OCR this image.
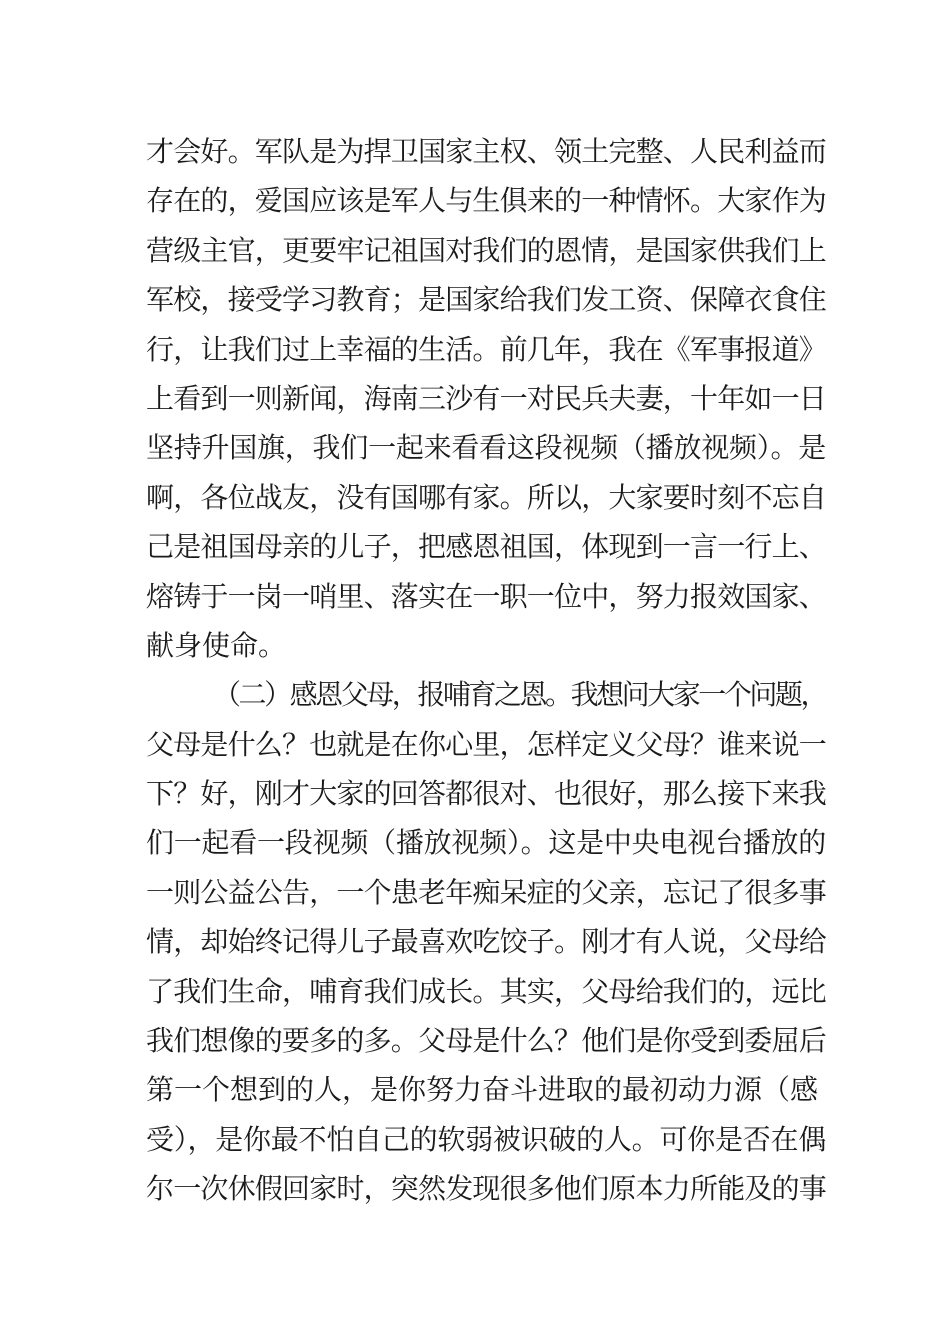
才会好。军队是为捍卫国家主权、领土完整、人民利益而
存在的，爱国应该是军人与生俱来的一种情怀。大家作为
营级主官，更要牢记祖国对我们的恩情，是国家供我们上
军校，接受学习教育；是国家给我们发工资、保障衣食住
行，让我们过上幸福的生活。前几年，我在《军事报道》
上看到一则新闻，海南三沙有一对民兵夫妻，十年如一日
坚持升国旗，我们一起来看看这段视频（播放视频）。是
啊，各位战友，没有国哪有家。所以，大家要时刻不忘自
己是祖国母亲的儿子，把感恩祖国，体现到一言一行上、
熔铸于一岗一哨里、落实在一职一位中，努力报效国家、
献身使命。
（二）感恩父母，报哺育之恩。我想问大家一个问题，
父母是什么？也就是在你心里，怎样定义父母？谁来说一
下？好，刚才大家的回答都很对、也很好，那么接下来我
们一起看一段视频（播放视频）。这是中央电视台播放的
一则公益公告，一个患老年痴呆症的父亲，忘记了很多事
情，却始终记得儿子最喜欢吃饺子。刚才有人说，父母给
了我们生命，哺育我们成长。其实，父母给我们的，远比
我们想像的要多的多。父母是什么？他们是你受到委屈后
第一个想到的人，是你努力奋斗进取的最初动力源（感
受），是你最不怕自己的软弱被识破的人。可你是否在偶
尔一次休假回家时，突然发现很多他们原本力所能及的事
